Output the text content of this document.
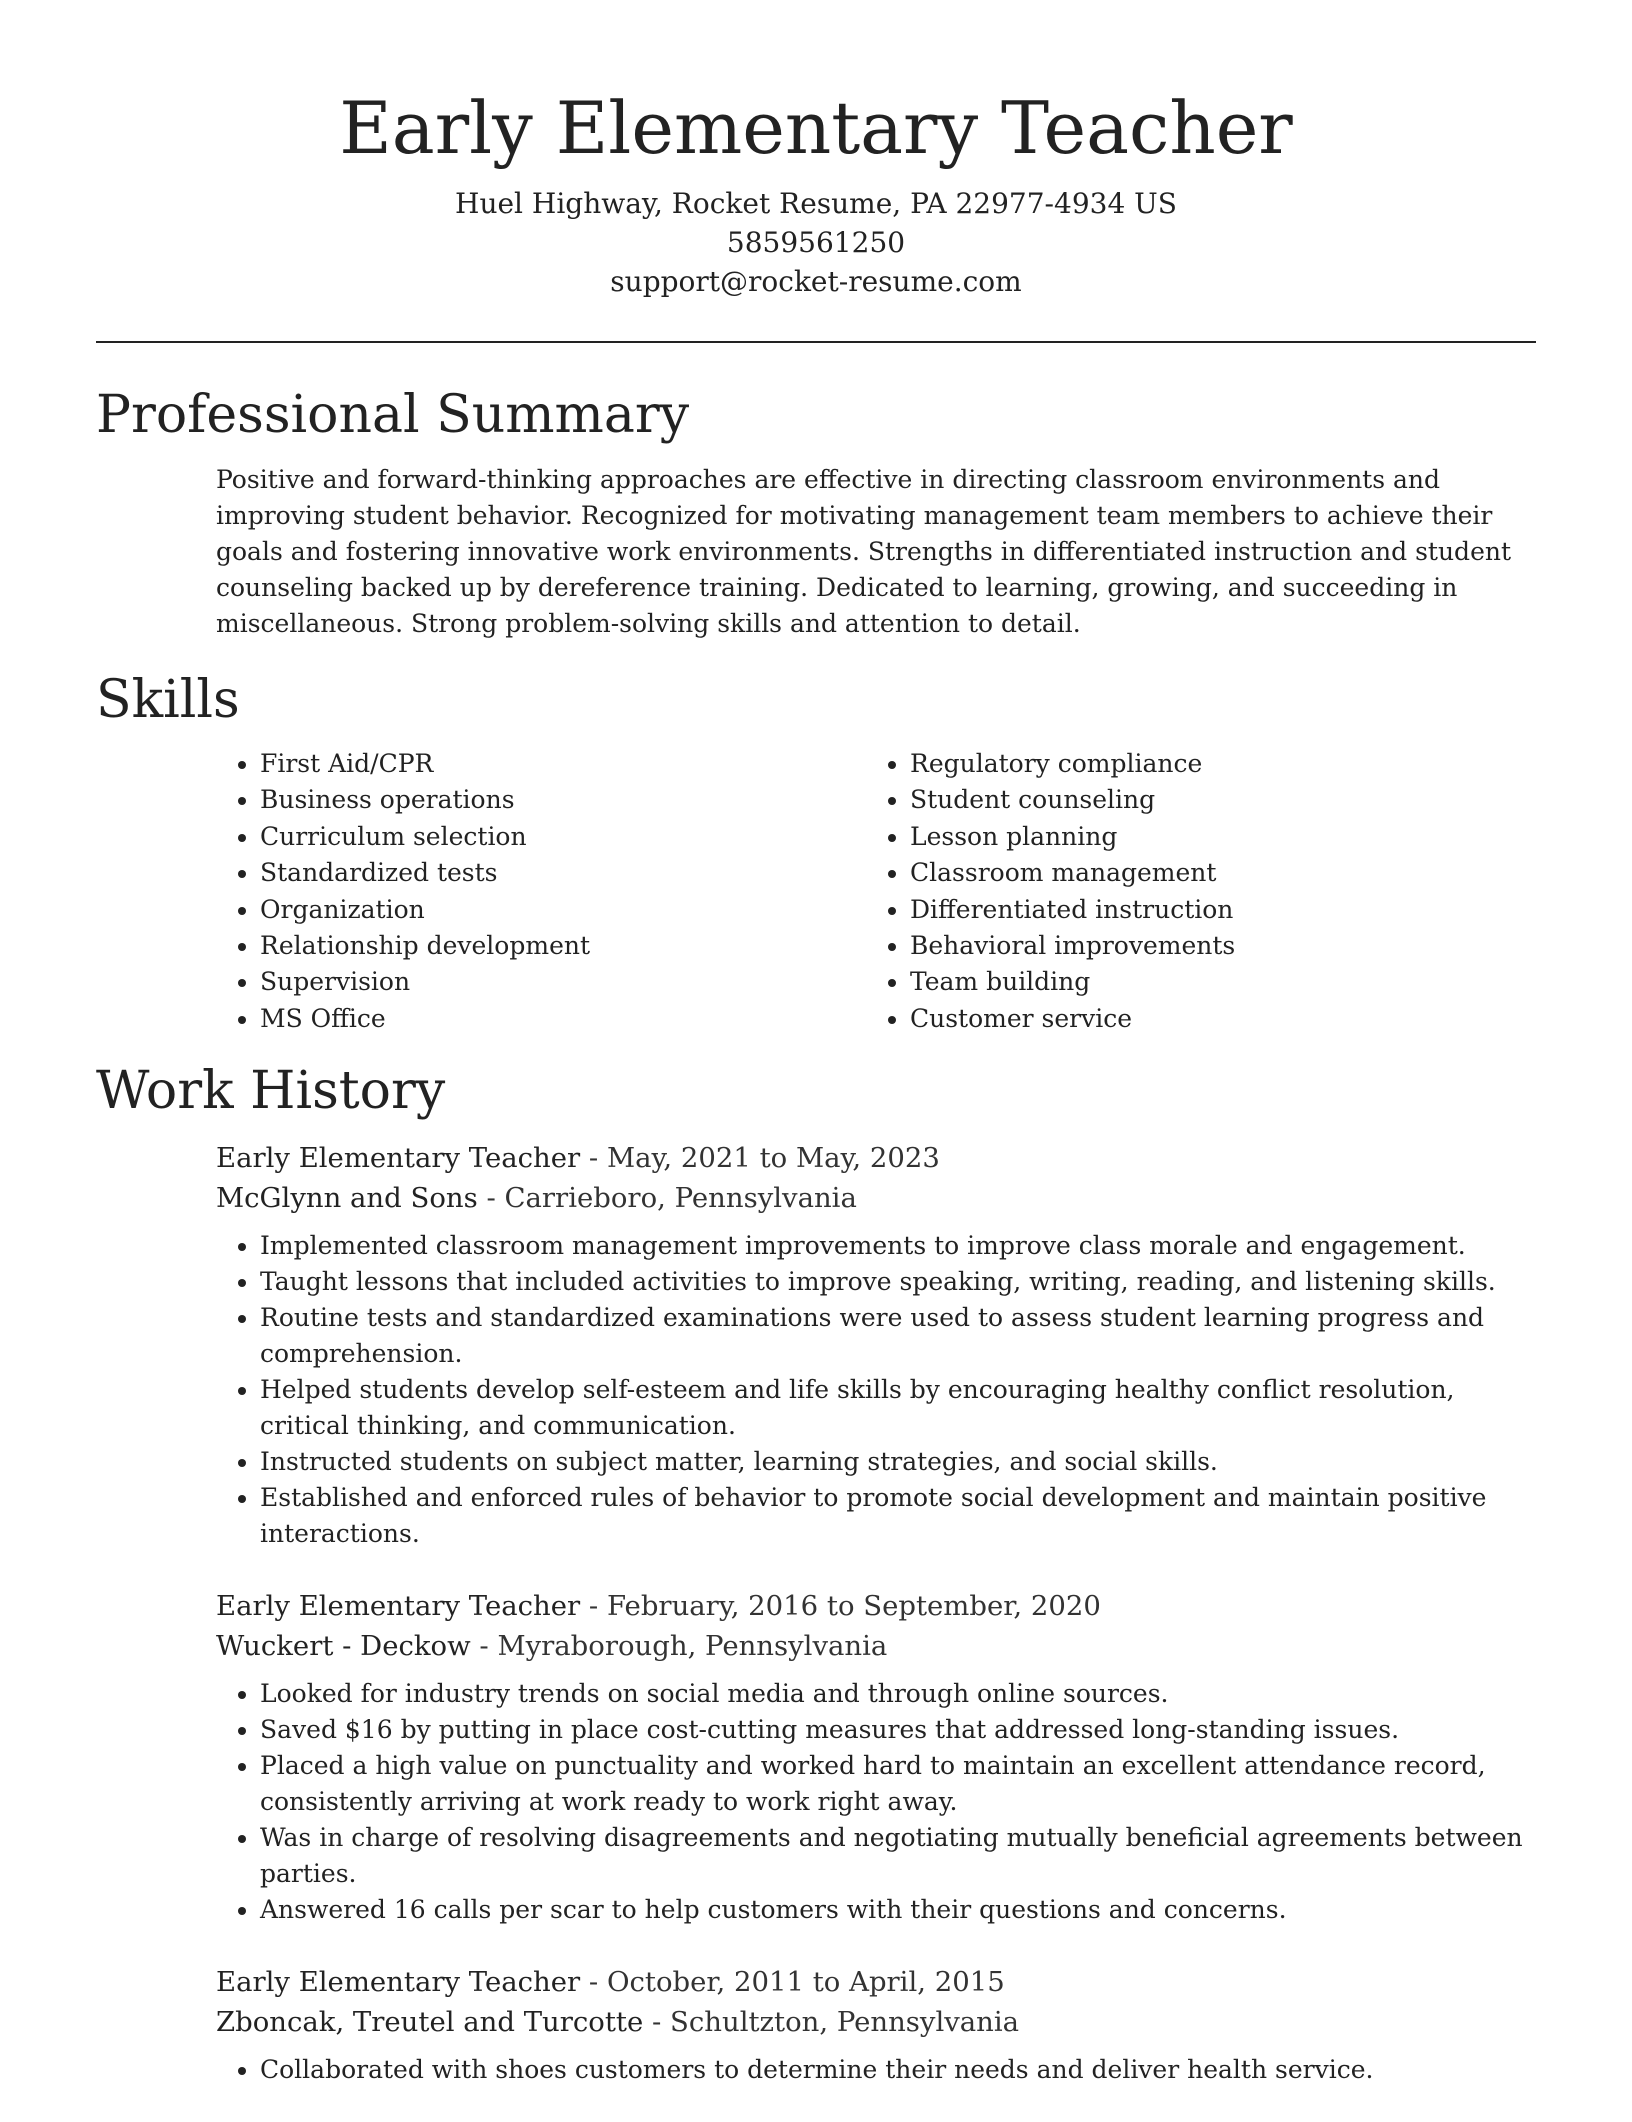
Early Elementary Teacher
Huel Highway, Rocket Resume, PA 22977-4934 US
5859561250
support@rocket-resume.com
Professional Summary
Positive and forward-thinking approaches are effective in directing classroom environments and improving student behavior. Recognized for motivating management team members to achieve their goals and fostering innovative work environments. Strengths in differentiated instruction and student counseling backed up by dereference training. Dedicated to learning, growing, and succeeding in miscellaneous. Strong problem-solving skills and attention to detail.
Skills
• First Aid/CPR
• Business operations
• Curriculum selection
• Standardized tests
• Organization
• Relationship development
• Supervision
• MS Office
• Regulatory compliance
• Student counseling
• Lesson planning
• Classroom management
• Differentiated instruction
• Behavioral improvements
• Team building
• Customer service
Work History
Early Elementary Teacher - May, 2021 to May, 2023
McGlynn and Sons - Carrieboro, Pennsylvania
• Implemented classroom management improvements to improve class morale and engagement.
• Taught lessons that included activities to improve speaking, writing, reading, and listening skills.
• Routine tests and standardized examinations were used to assess student learning progress and comprehension.
• Helped students develop self-esteem and life skills by encouraging healthy conflict resolution, critical thinking, and communication.
• Instructed students on subject matter, learning strategies, and social skills.
• Established and enforced rules of behavior to promote social development and maintain positive interactions.
Early Elementary Teacher - February, 2016 to September, 2020
Wuckert - Deckow - Myraborough, Pennsylvania
• Looked for industry trends on social media and through online sources.
• Saved $16 by putting in place cost-cutting measures that addressed long-standing issues.
• Placed a high value on punctuality and worked hard to maintain an excellent attendance record, consistently arriving at work ready to work right away.
• Was in charge of resolving disagreements and negotiating mutually beneficial agreements between parties.
• Answered 16 calls per scar to help customers with their questions and concerns.
Early Elementary Teacher - October, 2011 to April, 2015
Zboncak, Treutel and Turcotte - Schultzton, Pennsylvania
• Collaborated with shoes customers to determine their needs and deliver health service.
